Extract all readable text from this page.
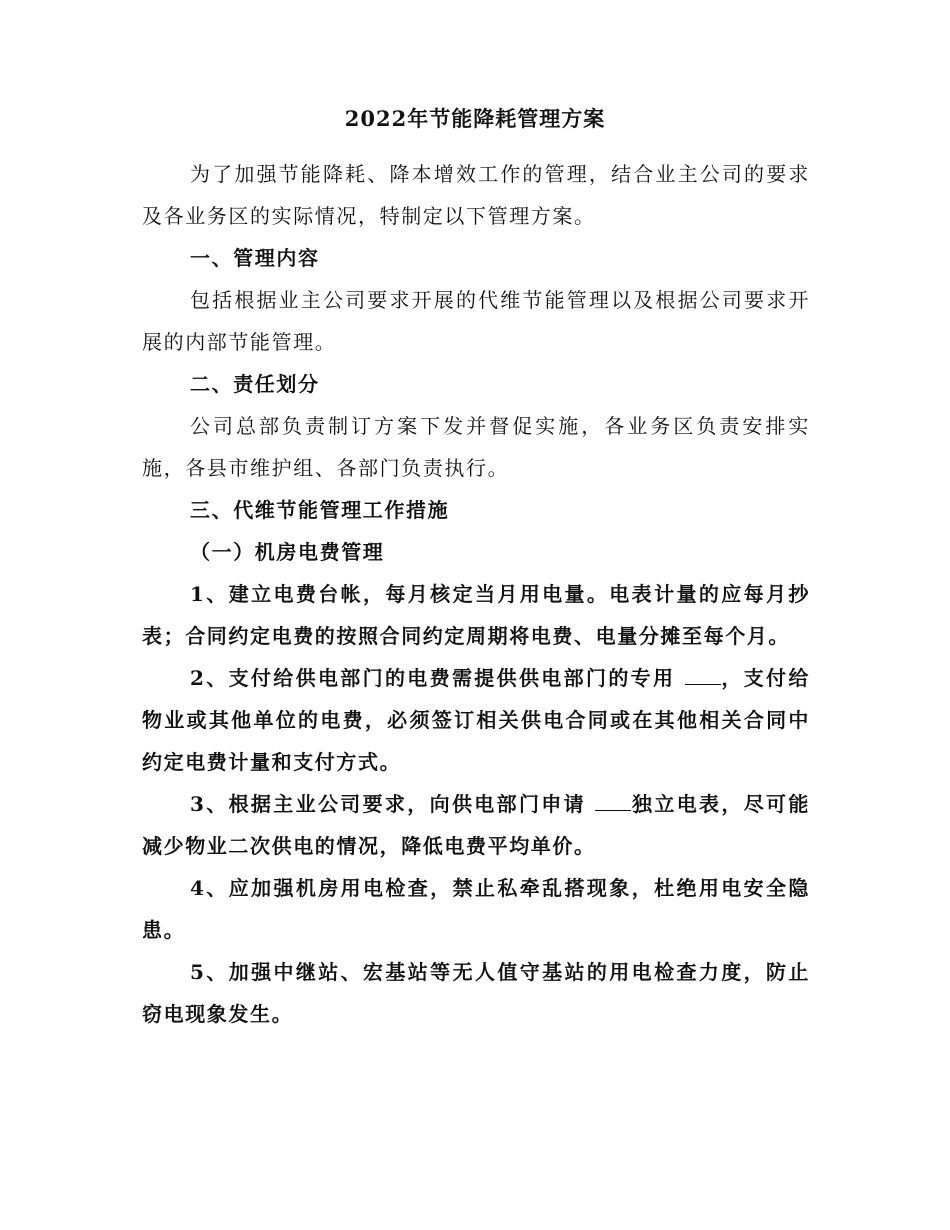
2022年节能降耗管理方案

为了加强节能降耗、降本增效工作的管理，结合业主公司的要求及各业务区的实际情况，特制定以下管理方案。

一、管理内容

包括根据业主公司要求开展的代维节能管理以及根据公司要求开展的内部节能管理。

二、责任划分

公司总部负责制订方案下发并督促实施，各业务区负责安排实施，各县市维护组、各部门负责执行。

三、代维节能管理工作措施

（一）机房电费管理

1、建立电费台帐，每月核定当月用电量。电表计量的应每月抄表；合同约定电费的按照合同约定周期将电费、电量分摊至每个月。

2、支付给供电部门的电费需提供供电部门的专用 ，支付给物业或其他单位的电费，必须签订相关供电合同或在其他相关合同中约定电费计量和支付方式。

3、根据主业公司要求，向供电部门申请 独立电表，尽可能减少物业二次供电的情况，降低电费平均单价。

4、应加强机房用电检查，禁止私牵乱搭现象，杜绝用电安全隐患。

5、加强中继站、宏基站等无人值守基站的用电检查力度，防止窃电现象发生。
